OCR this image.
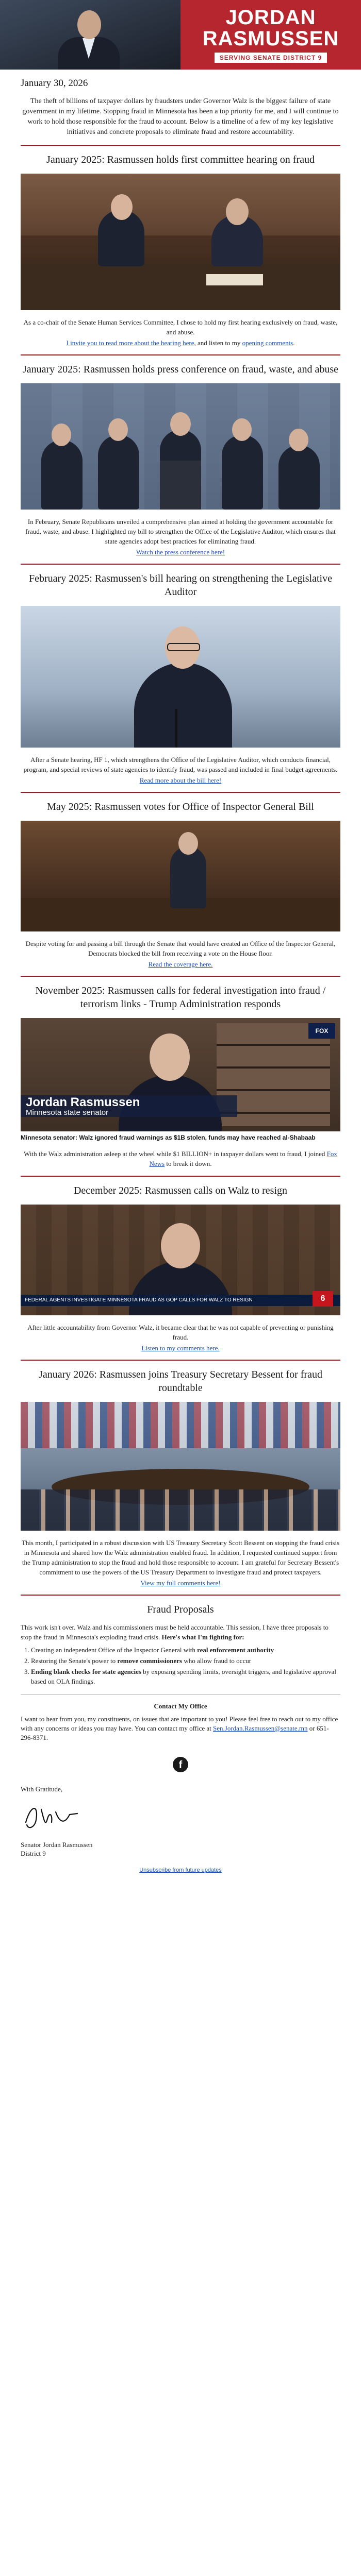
JORDAN
RASMUSSEN
SERVING SENATE DISTRICT 9
January 30, 2026
The theft of billions of taxpayer dollars by fraudsters under Governor Walz is the biggest failure of state government in my lifetime. Stopping fraud in Minnesota has been a top priority for me, and I will continue to work to hold those responsible for the fraud to account. Below is a timeline of a few of my key legislative initiatives and concrete proposals to eliminate fraud and restore accountability.
January 2025: Rasmussen holds first committee hearing on fraud
As a co-chair of the Senate Human Services Committee, I chose to hold my first hearing exclusively on fraud, waste, and abuse.
I invite you to read more about the hearing here, and listen to my opening comments.
January 2025: Rasmussen holds press conference on fraud, waste, and abuse
In February, Senate Republicans unveiled a comprehensive plan aimed at holding the government accountable for fraud, waste, and abuse. I highlighted my bill to strengthen the Office of the Legislative Auditor, which ensures that state agencies adopt best practices for eliminating fraud.
Watch the press conference here!
February 2025: Rasmussen's bill hearing on strengthening the Legislative Auditor
After a Senate hearing, HF 1, which strengthens the Office of the Legislative Auditor, which conducts financial, program, and special reviews of state agencies to identify fraud, was passed and included in final budget agreements.
Read more about the bill here!
May 2025: Rasmussen votes for Office of Inspector General Bill
Despite voting for and passing a bill through the Senate that would have created an Office of the Inspector General, Democrats blocked the bill from receiving a vote on the House floor.
Read the coverage here.
November 2025: Rasmussen calls for federal investigation into fraud / terrorism links - Trump Administration responds
FOX
Jordan Rasmussen
Minnesota state senator
Minnesota senator: Walz ignored fraud warnings as $1B stolen, funds may have reached al-Shabaab
With the Walz administration asleep at the wheel while $1 BILLION+ in taxpayer dollars went to fraud, I joined Fox News to break it down.
December 2025: Rasmussen calls on Walz to resign
FEDERAL AGENTS INVESTIGATE MINNESOTA FRAUD AS GOP CALLS FOR WALZ TO RESIGN	6
After little accountability from Governor Walz, it became clear that he was not capable of preventing or punishing fraud.
Listen to my comments here.
January 2026: Rasmussen joins Treasury Secretary Bessent for fraud roundtable
This month, I participated in a robust discussion with US Treasury Secretary Scott Bessent on stopping the fraud crisis in Minnesota and shared how the Walz administration enabled fraud. In addition, I requested continued support from the Trump administration to stop the fraud and hold those responsible to account. I am grateful for Secretary Bessent's commitment to use the powers of the US Treasury Department to investigate fraud and protect taxpayers.
View my full comments here!
Fraud Proposals

This work isn't over. Walz and his commissioners must be held accountable. This session, I have three proposals to stop the fraud in Minnesota's exploding fraud crisis. Here's what I'm fighting for:

1. Creating an independent Office of the Inspector General with real enforcement authority
2. Restoring the Senate's power to remove commissioners who allow fraud to occur
3. Ending blank checks for state agencies by exposing spending limits, oversight triggers, and legislative approval based on OLA findings.
Contact My Office

I want to hear from you, my constituents, on issues that are important to you! Please feel free to reach out to my office with any concerns or ideas you may have. You can contact my office at Sen.Jordan.Rasmussen@senate.mn or 651-296-8371.

f
With Gratitude,
Senator Jordan Rasmussen
District 9
Unsubscribe from future updates
